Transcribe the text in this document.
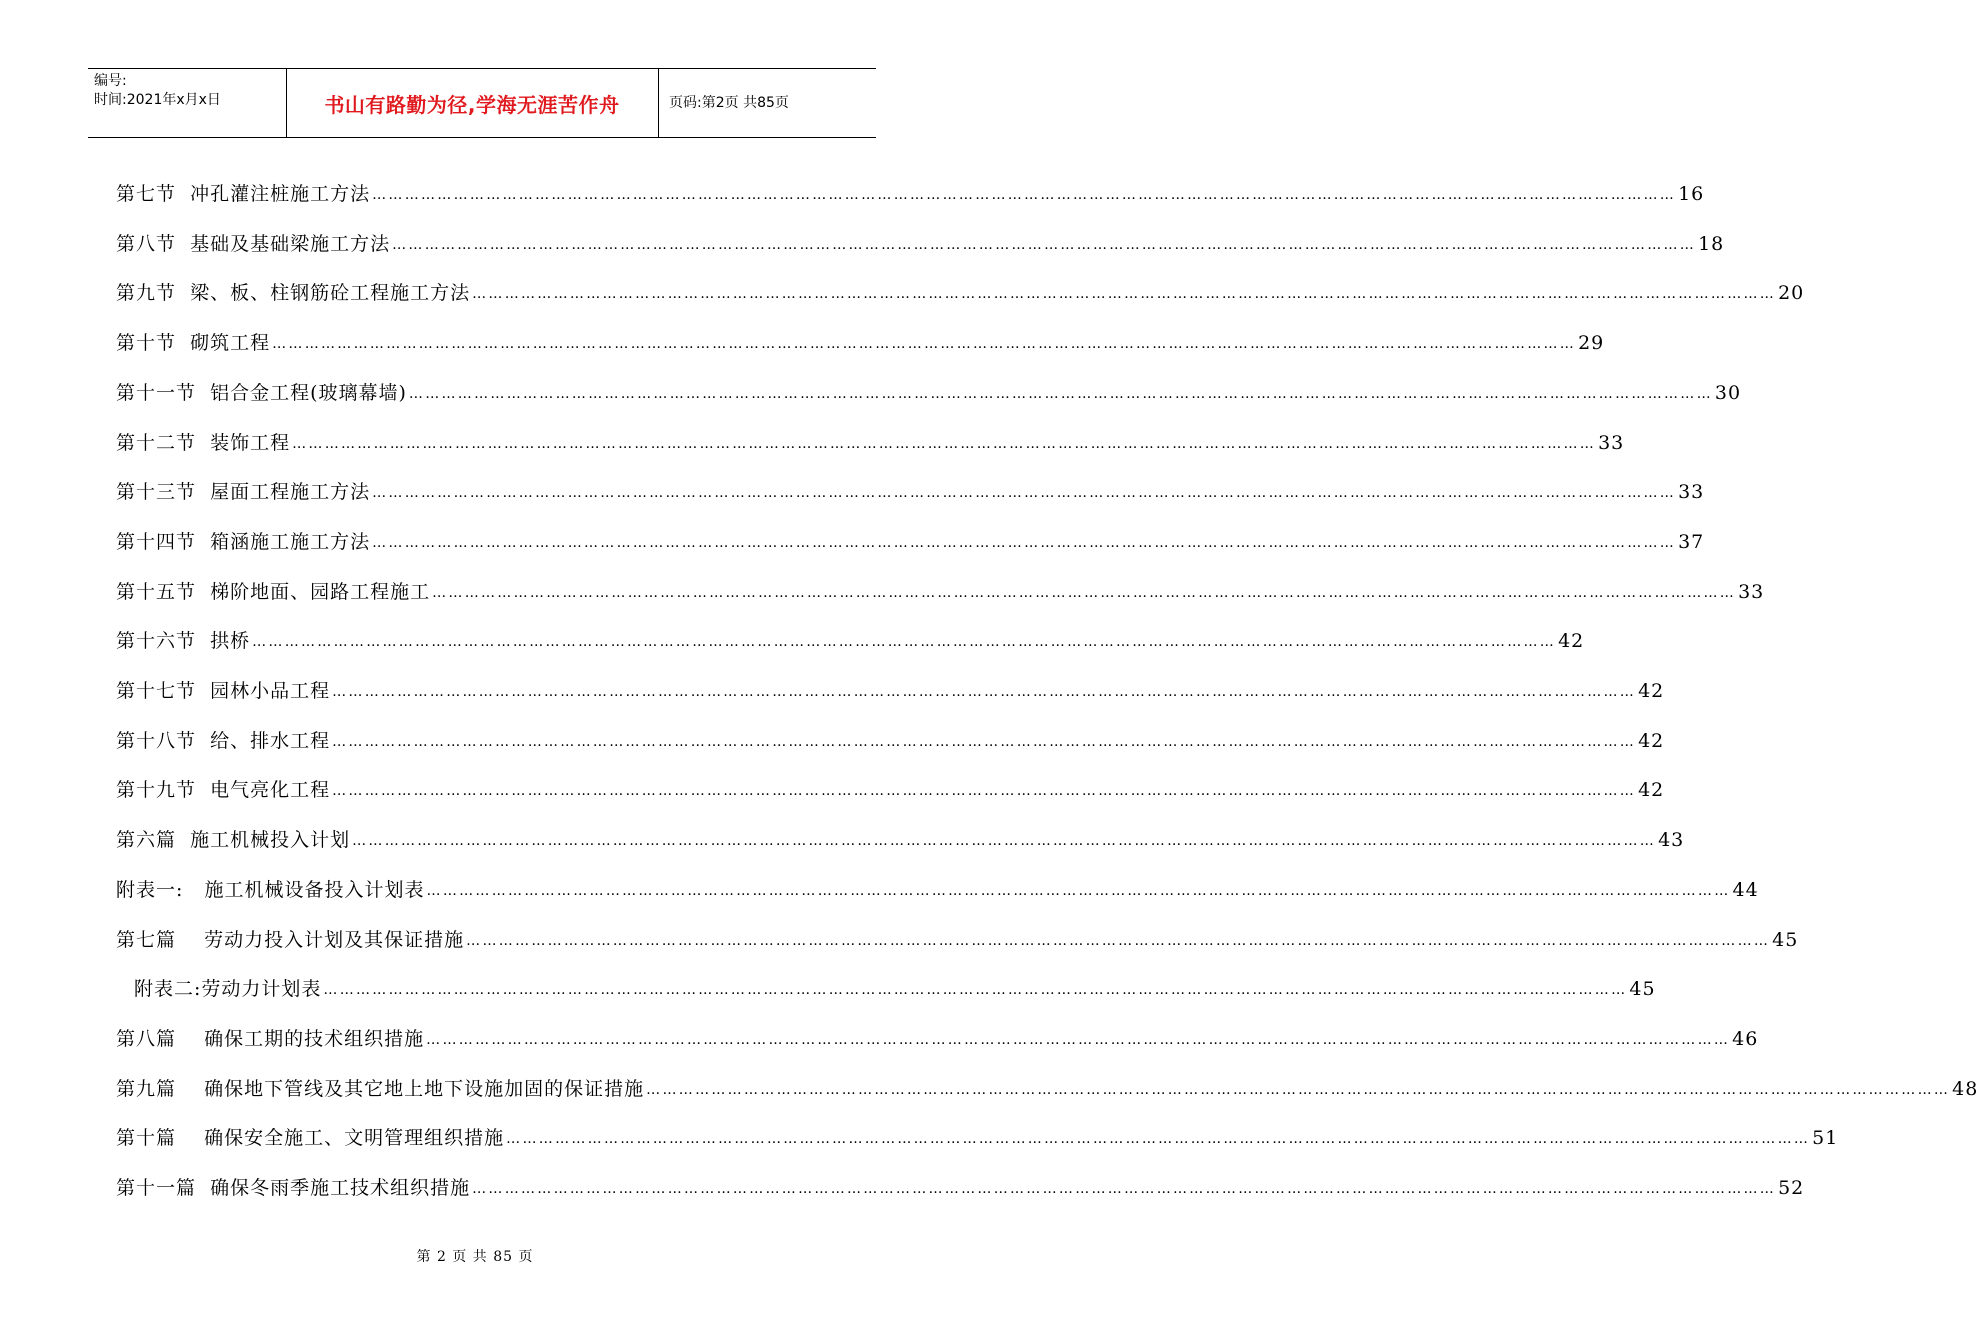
编号:
时间:2021年x月x日	书山有路勤为径,学海无涯苦作舟	页码:第2页 共85页
第七节  冲孔灌注桩施工方法 …………………………………………………………………………………………………………………………………………………………………………………………………………………… 16
第八节  基础及基础梁施工方法 …………………………………………………………………………………………………………………………………………………………………………………………………………………… 18
第九节  梁、板、柱钢筋砼工程施工方法 …………………………………………………………………………………………………………………………………………………………………………………………………………………… 20
第十节  砌筑工程 …………………………………………………………………………………………………………………………………………………………………………………………………………………… 29
第十一节  铝合金工程(玻璃幕墙) …………………………………………………………………………………………………………………………………………………………………………………………………………………… 30
第十二节  装饰工程 …………………………………………………………………………………………………………………………………………………………………………………………………………………… 33
第十三节  屋面工程施工方法 …………………………………………………………………………………………………………………………………………………………………………………………………………………… 33
第十四节  箱涵施工施工方法 …………………………………………………………………………………………………………………………………………………………………………………………………………………… 37
第十五节  梯阶地面、园路工程施工 …………………………………………………………………………………………………………………………………………………………………………………………………………………… 33
第十六节  拱桥 …………………………………………………………………………………………………………………………………………………………………………………………………………………… 42
第十七节  园林小品工程 …………………………………………………………………………………………………………………………………………………………………………………………………………………… 42
第十八节  给、排水工程 …………………………………………………………………………………………………………………………………………………………………………………………………………………… 42
第十九节  电气亮化工程 …………………………………………………………………………………………………………………………………………………………………………………………………………………… 42
第六篇  施工机械投入计划 …………………………………………………………………………………………………………………………………………………………………………………………………………………… 43
附表一:   施工机械设备投入计划表 …………………………………………………………………………………………………………………………………………………………………………………………………………………… 44
第七篇    劳动力投入计划及其保证措施 …………………………………………………………………………………………………………………………………………………………………………………………………………………… 45
附表二:劳动力计划表 …………………………………………………………………………………………………………………………………………………………………………………………………………………… 45
第八篇    确保工期的技术组织措施 …………………………………………………………………………………………………………………………………………………………………………………………………………………… 46
第九篇    确保地下管线及其它地上地下设施加固的保证措施 …………………………………………………………………………………………………………………………………………………………………………………………………………………… 48
第十篇    确保安全施工、文明管理组织措施 …………………………………………………………………………………………………………………………………………………………………………………………………………………… 51
第十一篇  确保冬雨季施工技术组织措施 …………………………………………………………………………………………………………………………………………………………………………………………………………………… 52
第 2 页 共 85 页
